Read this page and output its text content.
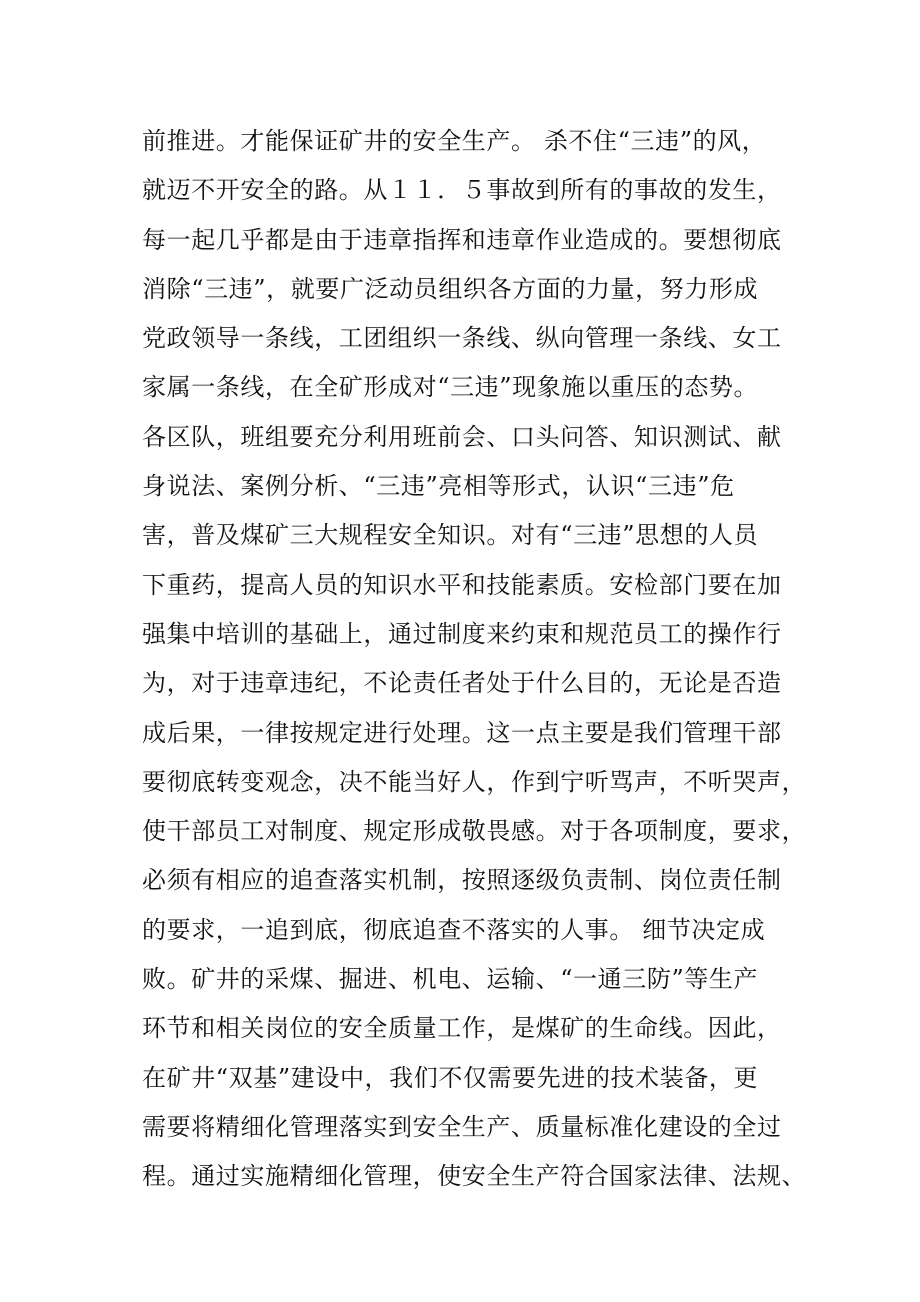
前推进。才能保证矿井的安全生产。 杀不住“三违”的风，
就迈不开安全的路。从１１．５事故到所有的事故的发生，
每一起几乎都是由于违章指挥和违章作业造成的。要想彻底
消除“三违”，就要广泛动员组织各方面的力量，努力形成
党政领导一条线，工团组织一条线、纵向管理一条线、女工
家属一条线，在全矿形成对“三违”现象施以重压的态势。
各区队，班组要充分利用班前会、口头问答、知识测试、献
身说法、案例分析、“三违”亮相等形式，认识“三违”危
害，普及煤矿三大规程安全知识。对有“三违”思想的人员
下重药，提高人员的知识水平和技能素质。安检部门要在加
强集中培训的基础上，通过制度来约束和规范员工的操作行
为，对于违章违纪，不论责任者处于什么目的，无论是否造
成后果，一律按规定进行处理。这一点主要是我们管理干部
要彻底转变观念，决不能当好人，作到宁听骂声，不听哭声，
使干部员工对制度、规定形成敬畏感。对于各项制度，要求，
必须有相应的追查落实机制，按照逐级负责制、岗位责任制
的要求，一追到底，彻底追查不落实的人事。 细节决定成
败。矿井的采煤、掘进、机电、运输、“一通三防”等生产
环节和相关岗位的安全质量工作，是煤矿的生命线。因此，
在矿井“双基”建设中，我们不仅需要先进的技术装备，更
需要将精细化管理落实到安全生产、质量标准化建设的全过
程。通过实施精细化管理，使安全生产符合国家法律、法规、
